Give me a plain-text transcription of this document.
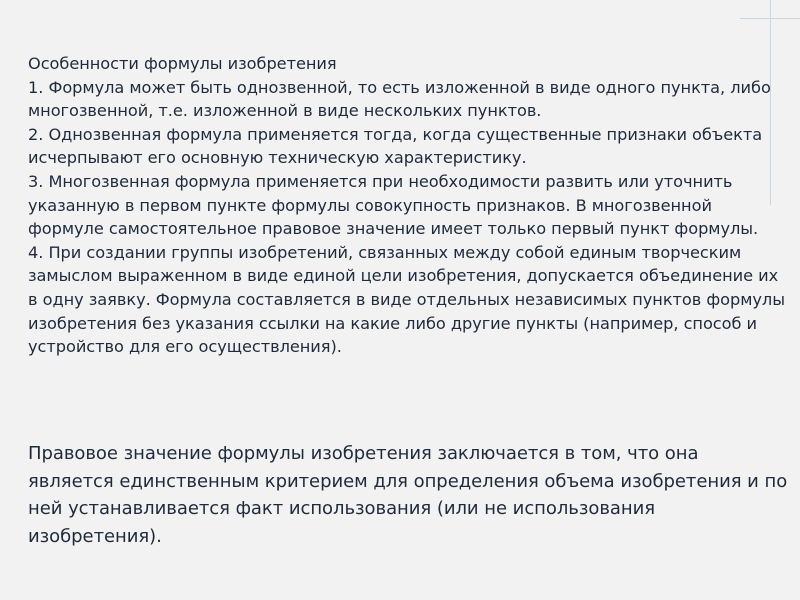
Особенности формулы изобретения

1. Формула может быть однозвенной, то есть изложенной в виде одного пункта, либо многозвенной, т.е. изложенной в виде нескольких пунктов.

2. Однозвенная формула применяется тогда, когда существенные признаки объекта исчерпывают его основную техническую характеристику.

3. Многозвенная формула применяется при необходимости развить или уточнить указанную в первом пункте формулы совокупность признаков. В многозвенной формуле самостоятельное правовое значение имеет только первый пункт формулы.

4. При создании группы изобретений, связанных между собой единым творческим замыслом выраженном в виде единой цели изобретения, допускается объединение их в одну заявку. Формула составляется в виде отдельных независимых пунктов формулы изобретения без указания ссылки на какие либо другие пункты (например, способ и устройство для его осуществления).

Правовое значение формулы изобретения заключается в том, что она является единственным критерием для определения объема изобретения и по ней устанавливается факт использования (или не использования изобретения).
